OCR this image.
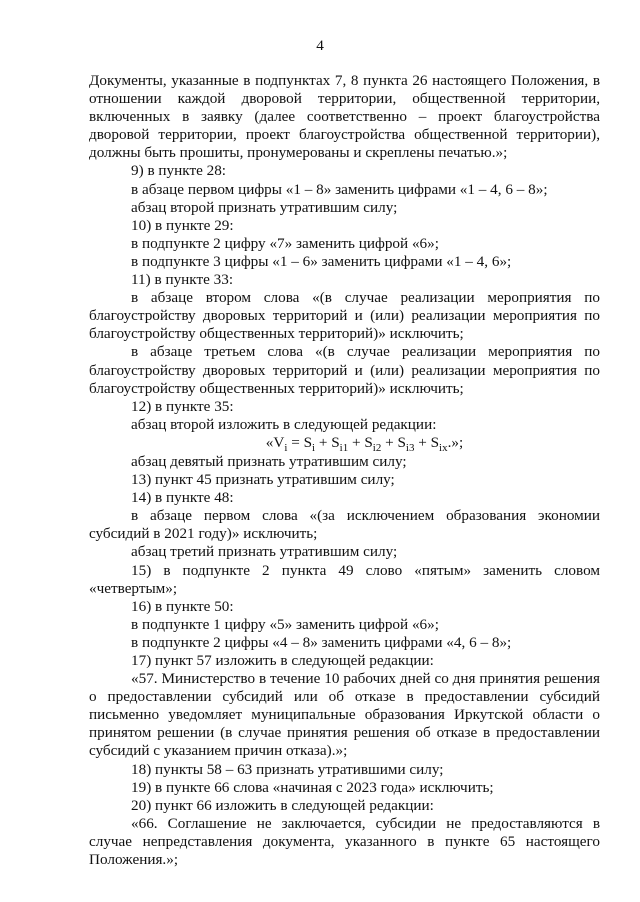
4

Документы, указанные в подпунктах 7, 8 пункта 26 настоящего Положения, в отношении каждой дворовой территории, общественной территории, включенных в заявку (далее соответственно – проект благоустройства дворовой территории, проект благоустройства общественной территории), должны быть прошиты, пронумерованы и скреплены печатью.»;

9) в пункте 28:

в абзаце первом цифры «1 – 8» заменить цифрами «1 – 4, 6 – 8»;

абзац второй признать утратившим силу;

10) в пункте 29:

в подпункте 2 цифру «7» заменить цифрой «6»;

в подпункте 3 цифры «1 – 6» заменить цифрами «1 – 4, 6»;

11) в пункте 33:

в абзаце втором слова «(в случае реализации мероприятия по благоустройству дворовых территорий и (или) реализации мероприятия по благоустройству общественных территорий)» исключить;

в абзаце третьем слова «(в случае реализации мероприятия по благоустройству дворовых территорий и (или) реализации мероприятия по благоустройству общественных территорий)» исключить;

12) в пункте 35:

абзац второй изложить в следующей редакции:

«$V_i = S_i + S_{i1} + S_{i2} + S_{i3} + S_{ix}$.»;

абзац девятый признать утратившим силу;

13) пункт 45 признать утратившим силу;

14) в пункте 48:

в абзаце первом слова «(за исключением образования экономии субсидий в 2021 году)» исключить;

абзац третий признать утратившим силу;

15) в подпункте 2 пункта 49 слово «пятым» заменить словом «четвертым»;

16) в пункте 50:

в подпункте 1 цифру «5» заменить цифрой «6»;

в подпункте 2 цифры «4 – 8» заменить цифрами «4, 6 – 8»;

17) пункт 57 изложить в следующей редакции:

«57. Министерство в течение 10 рабочих дней со дня принятия решения о предоставлении субсидий или об отказе в предоставлении субсидий письменно уведомляет муниципальные образования Иркутской области о принятом решении (в случае принятия решения об отказе в предоставлении субсидий с указанием причин отказа).»;

18) пункты 58 – 63 признать утратившими силу;

19) в пункте 66 слова «начиная с 2023 года» исключить;

20) пункт 66 изложить в следующей редакции:

«66. Соглашение не заключается, субсидии не предоставляются в случае непредставления документа, указанного в пункте 65 настоящего Положения.»;
